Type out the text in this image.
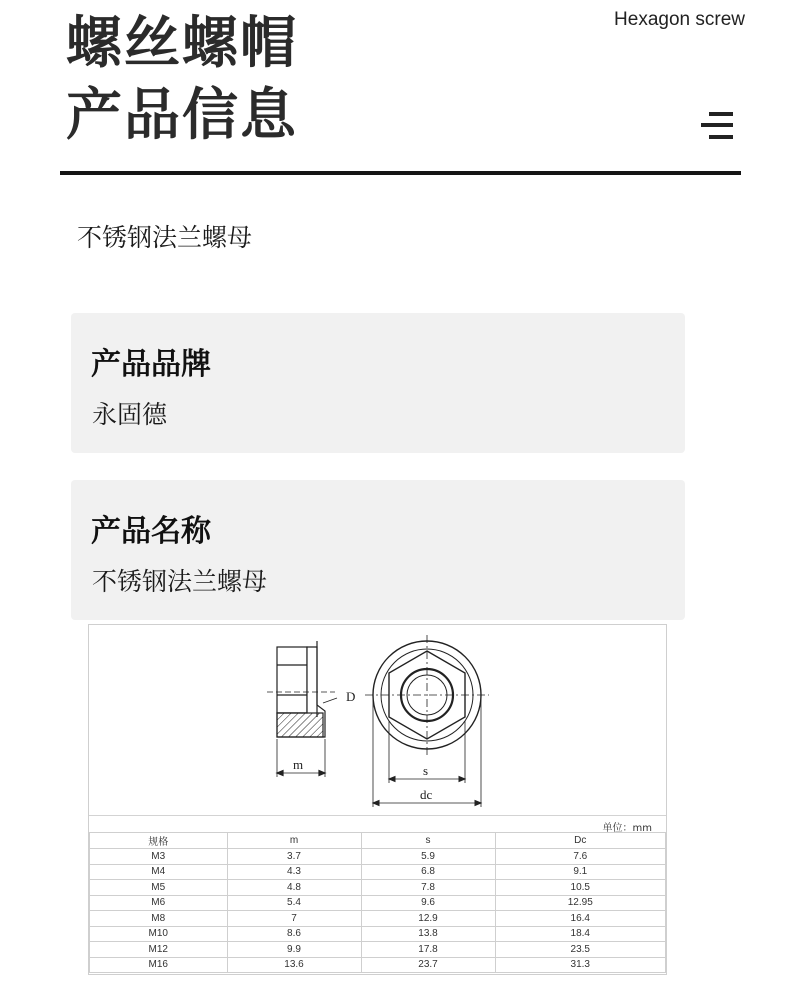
螺丝螺帽
产品信息
Hexagon screw
不锈钢法兰螺母
产品品牌
永固德
产品名称
不锈钢法兰螺母
D
m	s
dc
单位：mm
规格	m	s	Dc
M3	3.7	5.9	7.6
M4	4.3	6.8	9.1
M5	4.8	7.8	10.5
M6	5.4	9.6	12.95
M8	7	12.9	16.4
M10	8.6	13.8	18.4
M12	9.9	17.8	23.5
M16	13.6	23.7	31.3
